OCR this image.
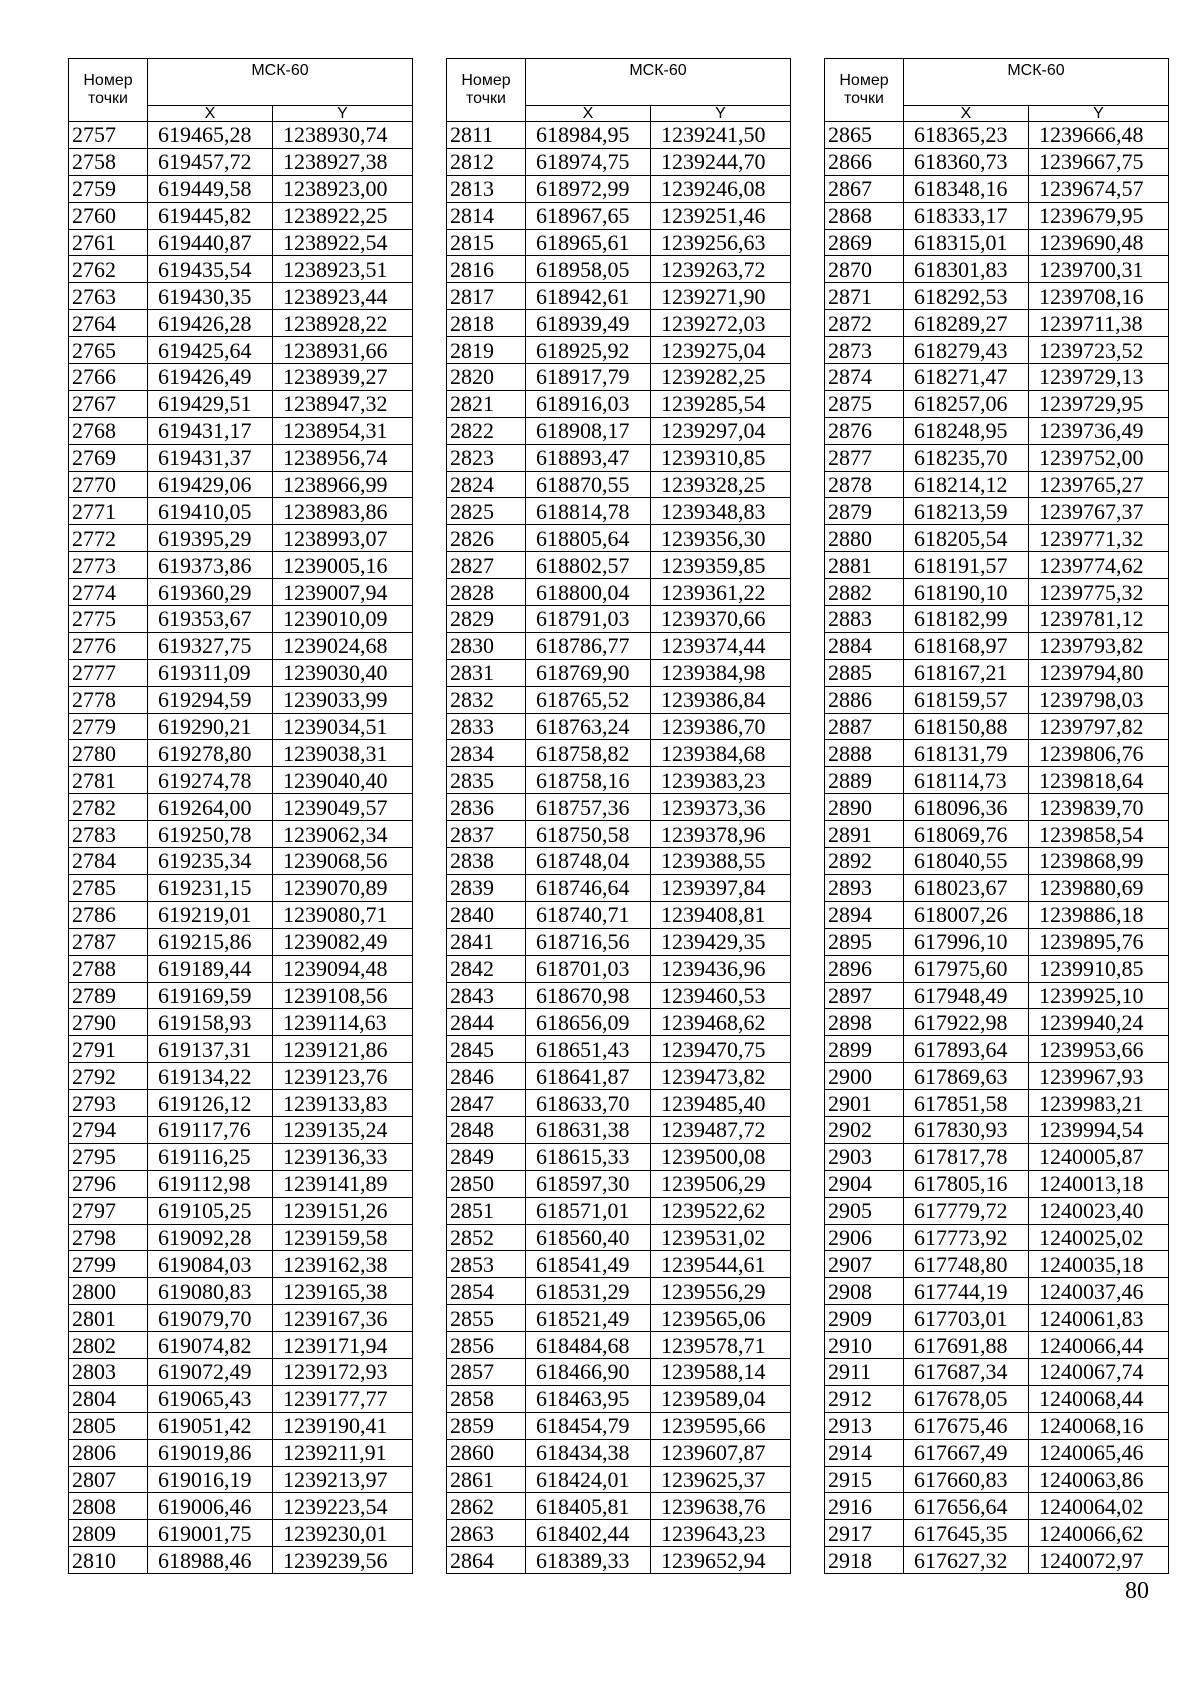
Номер точки	МСК-60	
	X	Y
2757	619465,28	1238930,74
2758	619457,72	1238927,38
2759	619449,58	1238923,00
2760	619445,82	1238922,25
2761	619440,87	1238922,54
2762	619435,54	1238923,51
2763	619430,35	1238923,44
2764	619426,28	1238928,22
2765	619425,64	1238931,66
2766	619426,49	1238939,27
2767	619429,51	1238947,32
2768	619431,17	1238954,31
2769	619431,37	1238956,74
2770	619429,06	1238966,99
2771	619410,05	1238983,86
2772	619395,29	1238993,07
2773	619373,86	1239005,16
2774	619360,29	1239007,94
2775	619353,67	1239010,09
2776	619327,75	1239024,68
2777	619311,09	1239030,40
2778	619294,59	1239033,99
2779	619290,21	1239034,51
2780	619278,80	1239038,31
2781	619274,78	1239040,40
2782	619264,00	1239049,57
2783	619250,78	1239062,34
2784	619235,34	1239068,56
2785	619231,15	1239070,89
2786	619219,01	1239080,71
2787	619215,86	1239082,49
2788	619189,44	1239094,48
2789	619169,59	1239108,56
2790	619158,93	1239114,63
2791	619137,31	1239121,86
2792	619134,22	1239123,76
2793	619126,12	1239133,83
2794	619117,76	1239135,24
2795	619116,25	1239136,33
2796	619112,98	1239141,89
2797	619105,25	1239151,26
2798	619092,28	1239159,58
2799	619084,03	1239162,38
2800	619080,83	1239165,38
2801	619079,70	1239167,36
2802	619074,82	1239171,94
2803	619072,49	1239172,93
2804	619065,43	1239177,77
2805	619051,42	1239190,41
2806	619019,86	1239211,91
2807	619016,19	1239213,97
2808	619006,46	1239223,54
2809	619001,75	1239230,01
2810	618988,46	1239239,56
Номер точки	МСК-60	
	X	Y
2811	618984,95	1239241,50
2812	618974,75	1239244,70
2813	618972,99	1239246,08
2814	618967,65	1239251,46
2815	618965,61	1239256,63
2816	618958,05	1239263,72
2817	618942,61	1239271,90
2818	618939,49	1239272,03
2819	618925,92	1239275,04
2820	618917,79	1239282,25
2821	618916,03	1239285,54
2822	618908,17	1239297,04
2823	618893,47	1239310,85
2824	618870,55	1239328,25
2825	618814,78	1239348,83
2826	618805,64	1239356,30
2827	618802,57	1239359,85
2828	618800,04	1239361,22
2829	618791,03	1239370,66
2830	618786,77	1239374,44
2831	618769,90	1239384,98
2832	618765,52	1239386,84
2833	618763,24	1239386,70
2834	618758,82	1239384,68
2835	618758,16	1239383,23
2836	618757,36	1239373,36
2837	618750,58	1239378,96
2838	618748,04	1239388,55
2839	618746,64	1239397,84
2840	618740,71	1239408,81
2841	618716,56	1239429,35
2842	618701,03	1239436,96
2843	618670,98	1239460,53
2844	618656,09	1239468,62
2845	618651,43	1239470,75
2846	618641,87	1239473,82
2847	618633,70	1239485,40
2848	618631,38	1239487,72
2849	618615,33	1239500,08
2850	618597,30	1239506,29
2851	618571,01	1239522,62
2852	618560,40	1239531,02
2853	618541,49	1239544,61
2854	618531,29	1239556,29
2855	618521,49	1239565,06
2856	618484,68	1239578,71
2857	618466,90	1239588,14
2858	618463,95	1239589,04
2859	618454,79	1239595,66
2860	618434,38	1239607,87
2861	618424,01	1239625,37
2862	618405,81	1239638,76
2863	618402,44	1239643,23
2864	618389,33	1239652,94
Номер точки	МСК-60	
	X	Y
2865	618365,23	1239666,48
2866	618360,73	1239667,75
2867	618348,16	1239674,57
2868	618333,17	1239679,95
2869	618315,01	1239690,48
2870	618301,83	1239700,31
2871	618292,53	1239708,16
2872	618289,27	1239711,38
2873	618279,43	1239723,52
2874	618271,47	1239729,13
2875	618257,06	1239729,95
2876	618248,95	1239736,49
2877	618235,70	1239752,00
2878	618214,12	1239765,27
2879	618213,59	1239767,37
2880	618205,54	1239771,32
2881	618191,57	1239774,62
2882	618190,10	1239775,32
2883	618182,99	1239781,12
2884	618168,97	1239793,82
2885	618167,21	1239794,80
2886	618159,57	1239798,03
2887	618150,88	1239797,82
2888	618131,79	1239806,76
2889	618114,73	1239818,64
2890	618096,36	1239839,70
2891	618069,76	1239858,54
2892	618040,55	1239868,99
2893	618023,67	1239880,69
2894	618007,26	1239886,18
2895	617996,10	1239895,76
2896	617975,60	1239910,85
2897	617948,49	1239925,10
2898	617922,98	1239940,24
2899	617893,64	1239953,66
2900	617869,63	1239967,93
2901	617851,58	1239983,21
2902	617830,93	1239994,54
2903	617817,78	1240005,87
2904	617805,16	1240013,18
2905	617779,72	1240023,40
2906	617773,92	1240025,02
2907	617748,80	1240035,18
2908	617744,19	1240037,46
2909	617703,01	1240061,83
2910	617691,88	1240066,44
2911	617687,34	1240067,74
2912	617678,05	1240068,44
2913	617675,46	1240068,16
2914	617667,49	1240065,46
2915	617660,83	1240063,86
2916	617656,64	1240064,02
2917	617645,35	1240066,62
2918	617627,32	1240072,97
80
